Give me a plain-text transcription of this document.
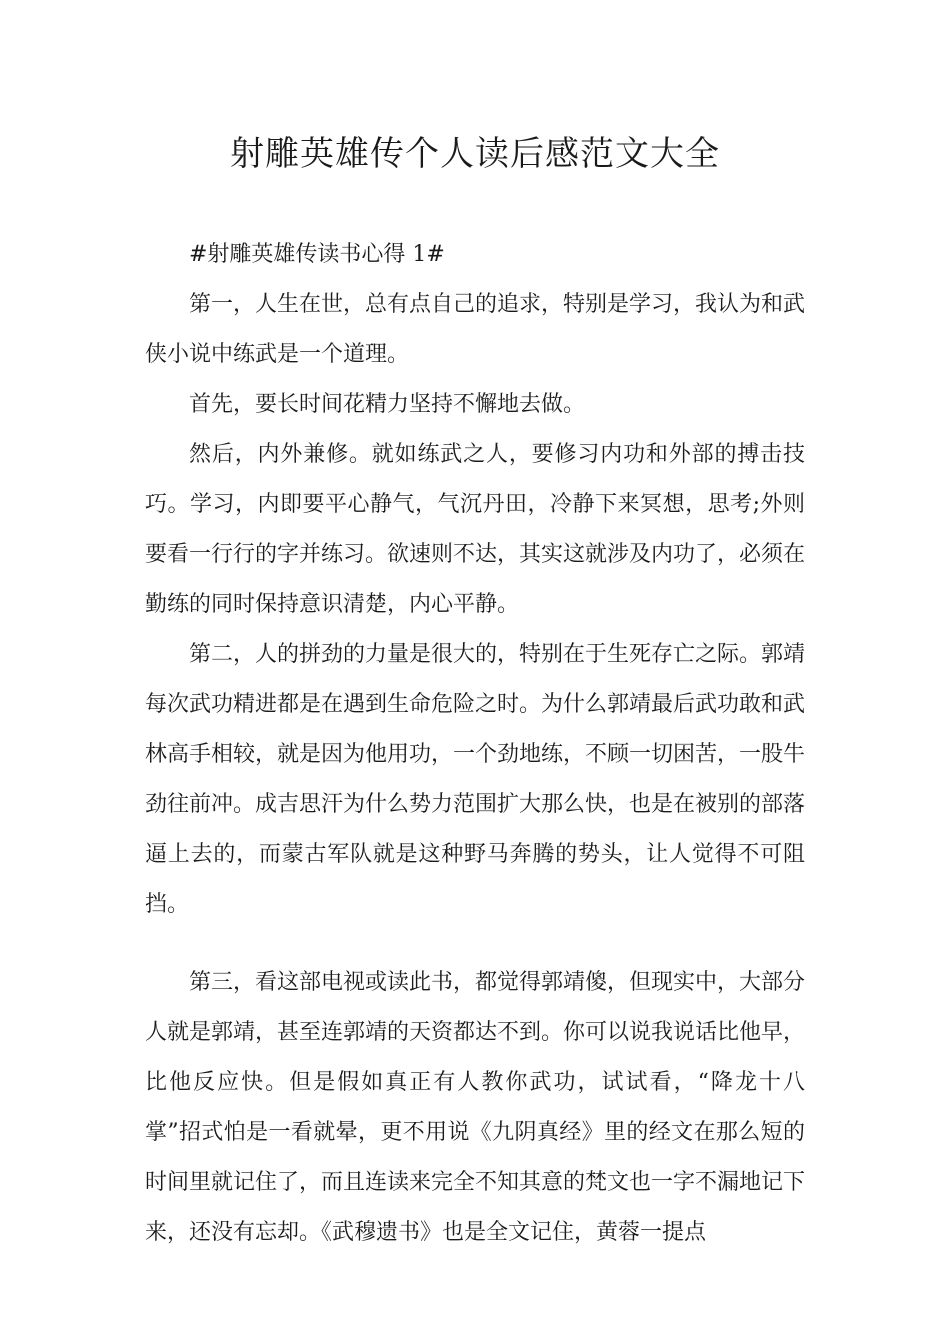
射雕英雄传个人读后感范文大全

#射雕英雄传读书心得 1#

第一，人生在世，总有点自己的追求，特别是学习，我认为和武侠小说中练武是一个道理。

首先，要长时间花精力坚持不懈地去做。

然后，内外兼修。就如练武之人，要修习内功和外部的搏击技巧。学习，内即要平心静气，气沉丹田，冷静下来冥想，思考;外则要看一行行的字并练习。欲速则不达，其实这就涉及内功了，必须在勤练的同时保持意识清楚，内心平静。

第二，人的拼劲的力量是很大的，特别在于生死存亡之际。郭靖每次武功精进都是在遇到生命危险之时。为什么郭靖最后武功敢和武林高手相较，就是因为他用功，一个劲地练，不顾一切困苦，一股牛劲往前冲。成吉思汗为什么势力范围扩大那么快，也是在被别的部落逼上去的，而蒙古军队就是这种野马奔腾的势头，让人觉得不可阻挡。

第三，看这部电视或读此书，都觉得郭靖傻，但现实中，大部分人就是郭靖，甚至连郭靖的天资都达不到。你可以说我说话比他早，比他反应快。但是假如真正有人教你武功，试试看，“降龙十八掌”招式怕是一看就晕，更不用说《九阴真经》里的经文在那么短的时间里就记住了，而且连读来完全不知其意的梵文也一字不漏地记下来，还没有忘却。《武穆遗书》也是全文记住，黄蓉一提点
